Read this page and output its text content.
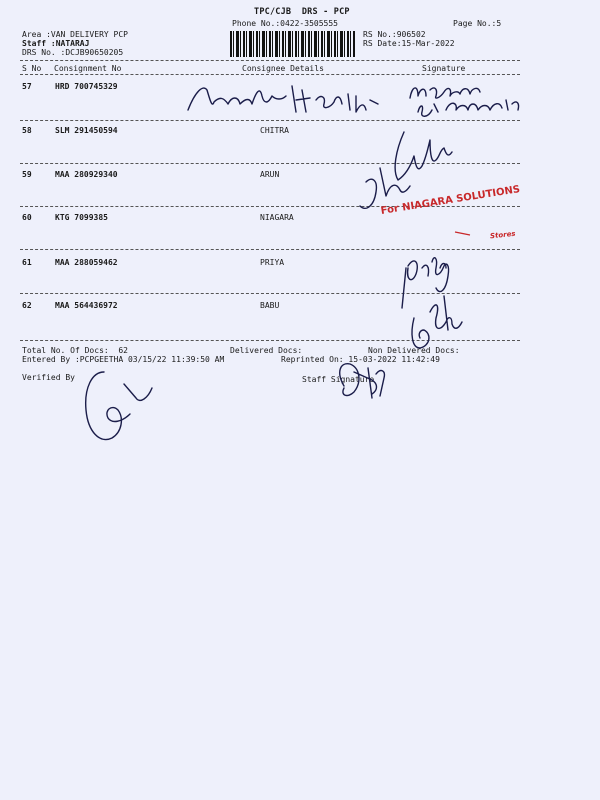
TPC/CJB  DRS - PCP
Phone No.:0422-3505555	Page No.:5
Area :VAN DELIVERY PCP
Staff :NATARAJ
DRS No. :DCJB90650205
RS No.:906502
RS Date:15-Mar-2022
S No Consignment No	Consignee Details	Signature
57	HRD 700745329
58	SLM 291450594	CHITRA
59	MAA 280929340	ARUN
60	KTG 7099385	NIAGARA
61	MAA 288059462	PRIYA
62	MAA 564436972	BABU
Total No. Of Docs:  62	Delivered Docs:	Non Delivered Docs:
Entered By :PCPGEETHA 03/15/22 11:39:50 AM	Reprinted On: 15-03-2022 11:42:49
Verified By	Staff Signature
For NIAGARA SOLUTIONS
Stores
